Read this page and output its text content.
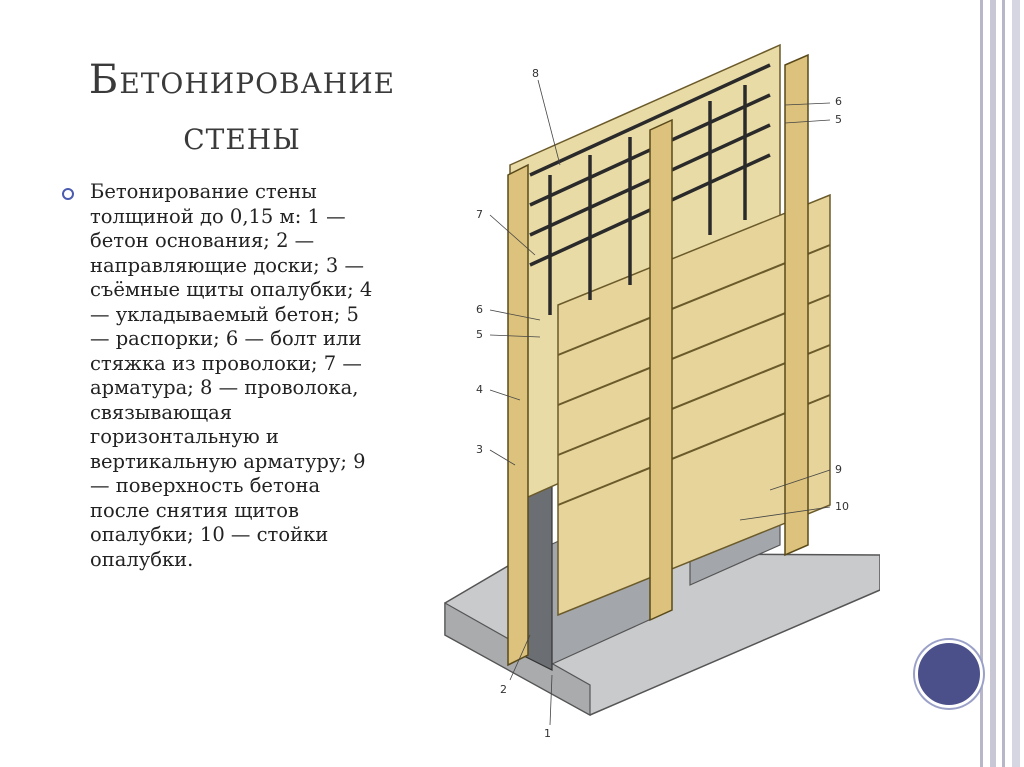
Бетонирование стены
Бетонирование стены толщиной до 0,15 м: 1 — бетон основания; 2 — направляющие доски; 3 — съёмные щиты опалубки; 4 — укладываемый бетон; 5 — распорки; 6 — болт или стяжка из проволоки; 7 — арматура; 8 — проволока, связывающая горизонтальную и вертикальную арматуру; 9 — поверхность бетона после снятия щитов опалубки; 10 — стойки опалубки.
8
6
5
7
6
5
4
3
9
10
2
1
